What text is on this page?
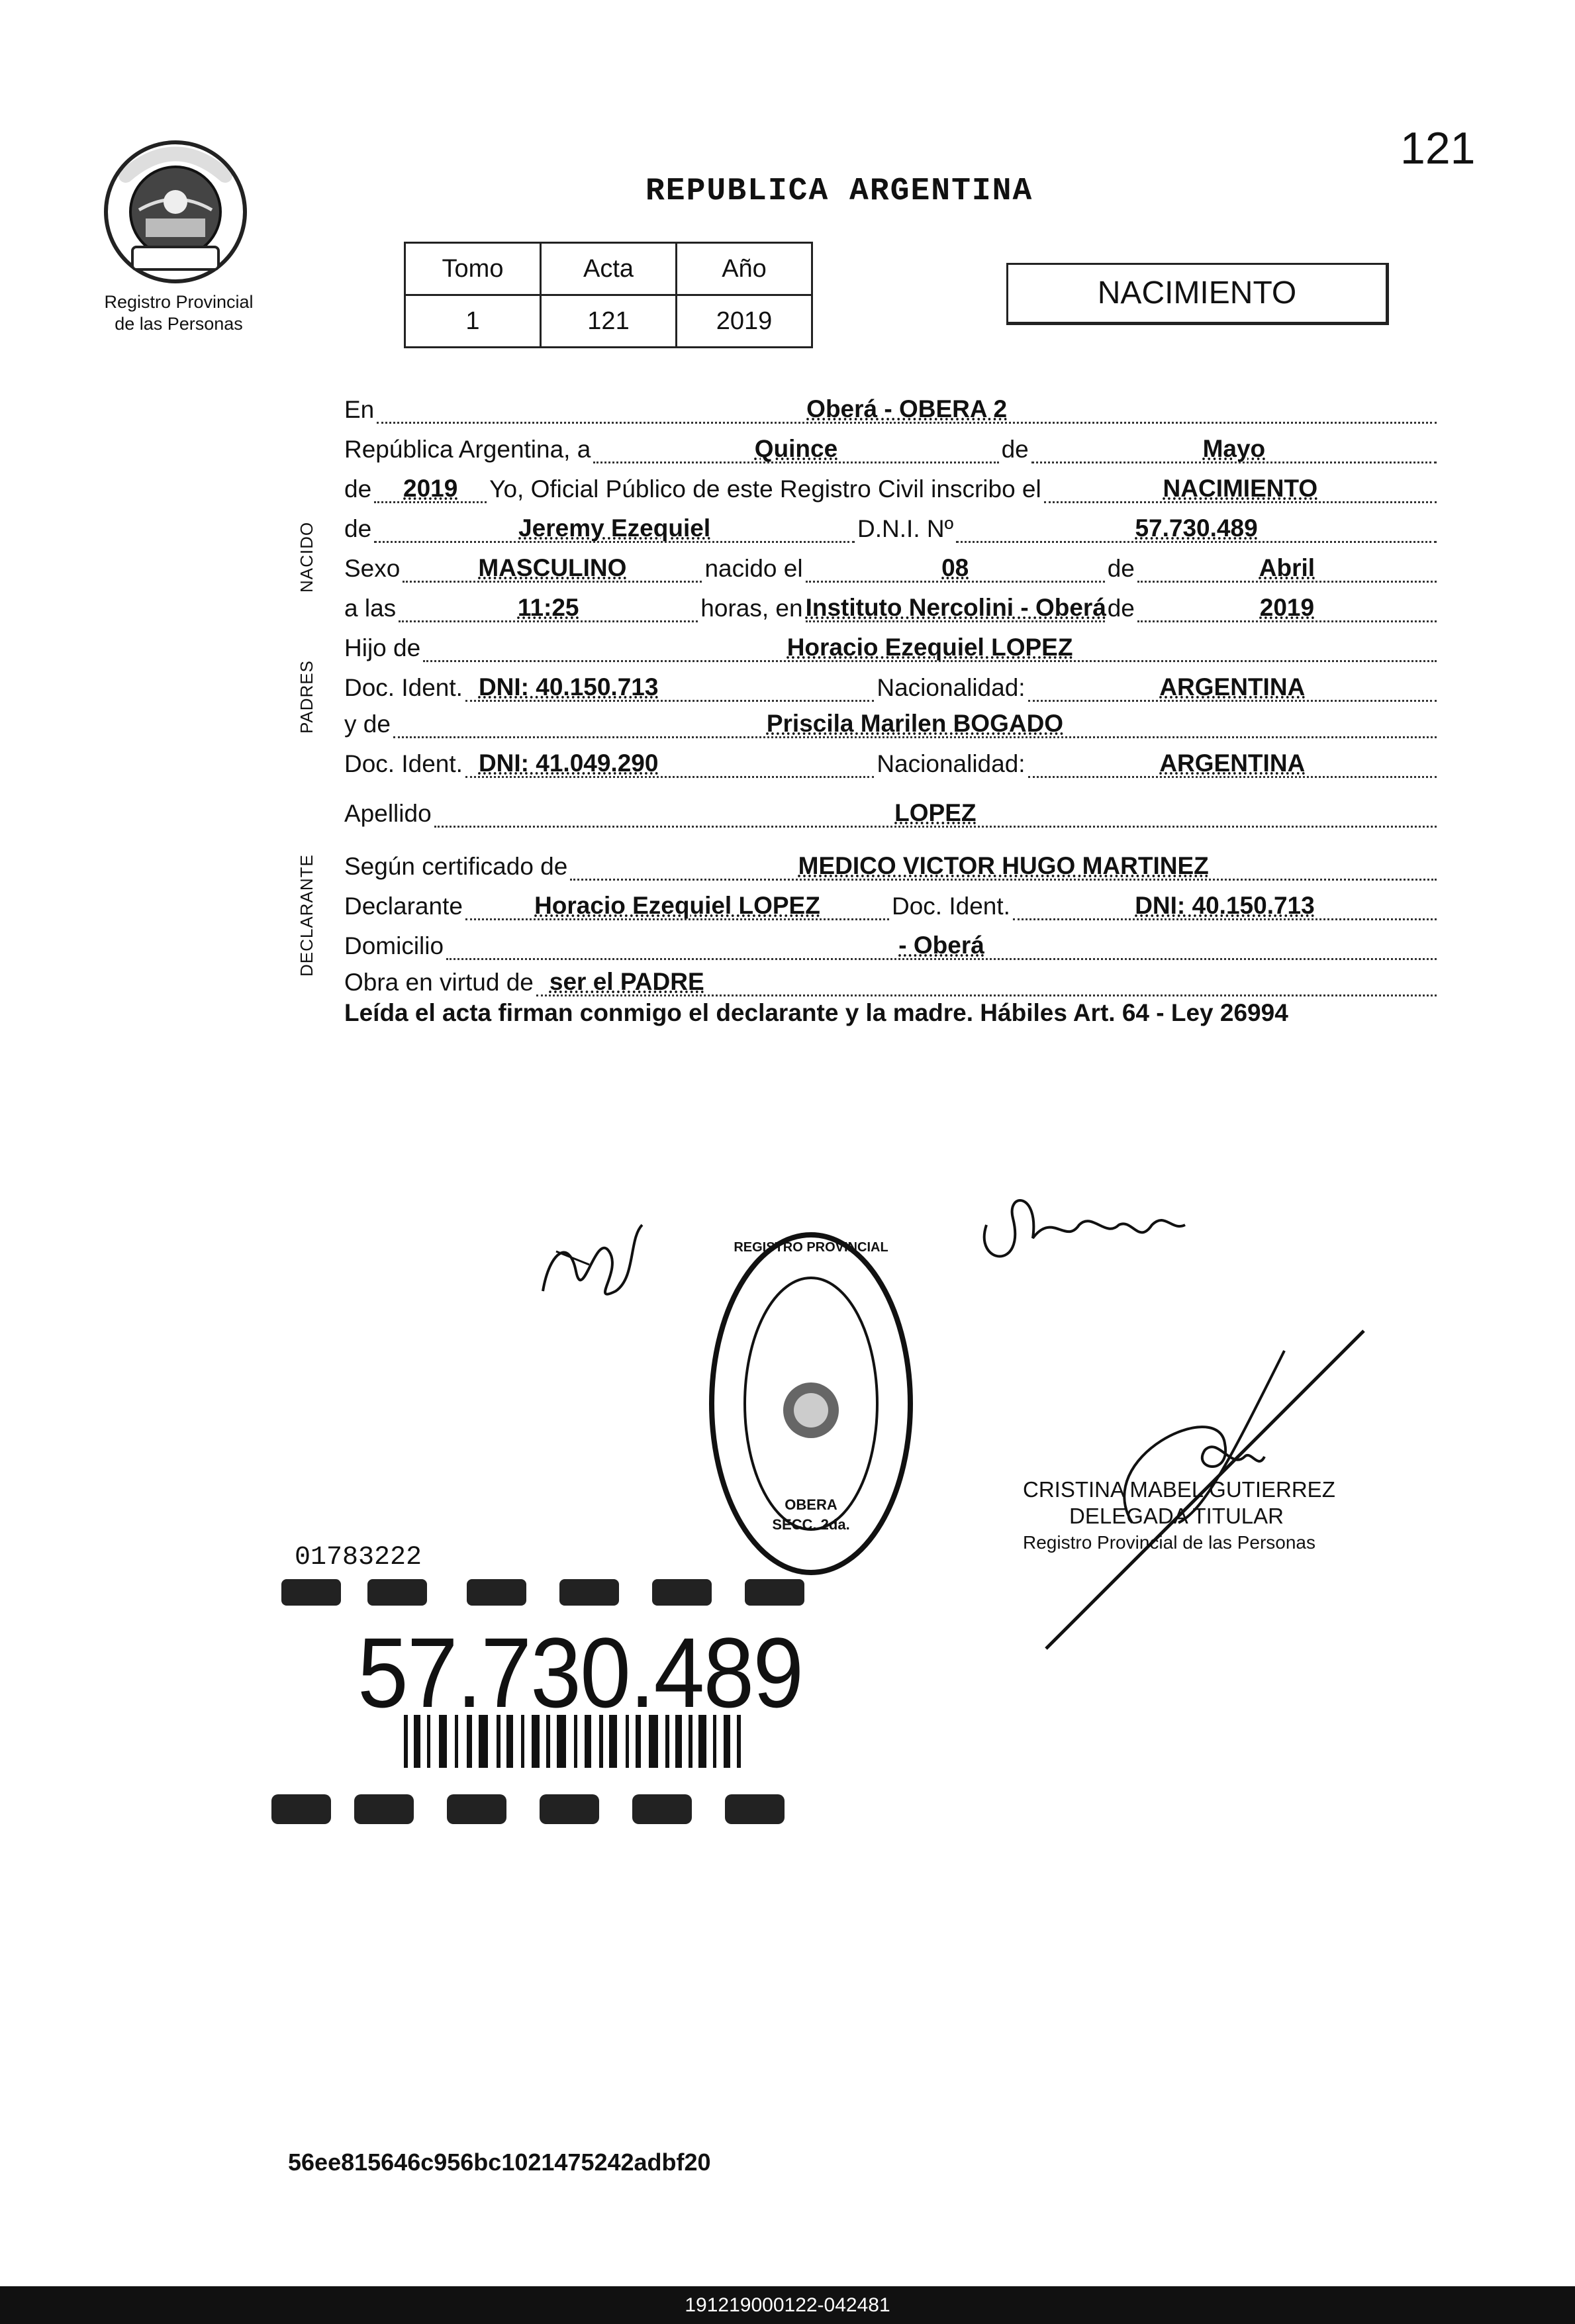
121
Registro Provincial
de las Personas
REPUBLICA ARGENTINA
Tomo	Acta	Año
1	121	2019
NACIMIENTO
NACIDO
PADRES
DECLARANTE
En	Oberá - OBERA 2
República Argentina, a	Quince	de	Mayo
de	2019	Yo, Oficial Público de este Registro Civil inscribo el	NACIMIENTO
de	Jeremy Ezequiel	D.N.I. Nº	57.730.489
Sexo	MASCULINO	nacido el	08	de	Abril
a las	11:25	horas, en Instituto Nercolini - Oberá de	2019
Hijo de	Horacio Ezequiel LOPEZ
Doc. Ident. DNI: 40.150.713	Nacionalidad:	ARGENTINA
y de	Priscila Marilen BOGADO
Doc. Ident. DNI: 41.049.290	Nacionalidad:	ARGENTINA
Apellido	LOPEZ
Según certificado de	MEDICO VICTOR HUGO MARTINEZ
Declarante	Horacio Ezequiel LOPEZ	Doc. Ident.	DNI: 40.150.713
Domicilio	- Oberá
Obra en virtud de ser el PADRE
Leída el acta firman conmigo el declarante y la madre. Hábiles Art. 64 - Ley 26994
REGISTRO PROVINCIAL
OBERA
SECC. 2da.
CRISTINA MABEL GUTIERREZ
DELEGADA TITULAR
Registro Provincial de las Personas
01783222
57.730.489
56ee815646c956bc1021475242adbf20
191219000122-042481
